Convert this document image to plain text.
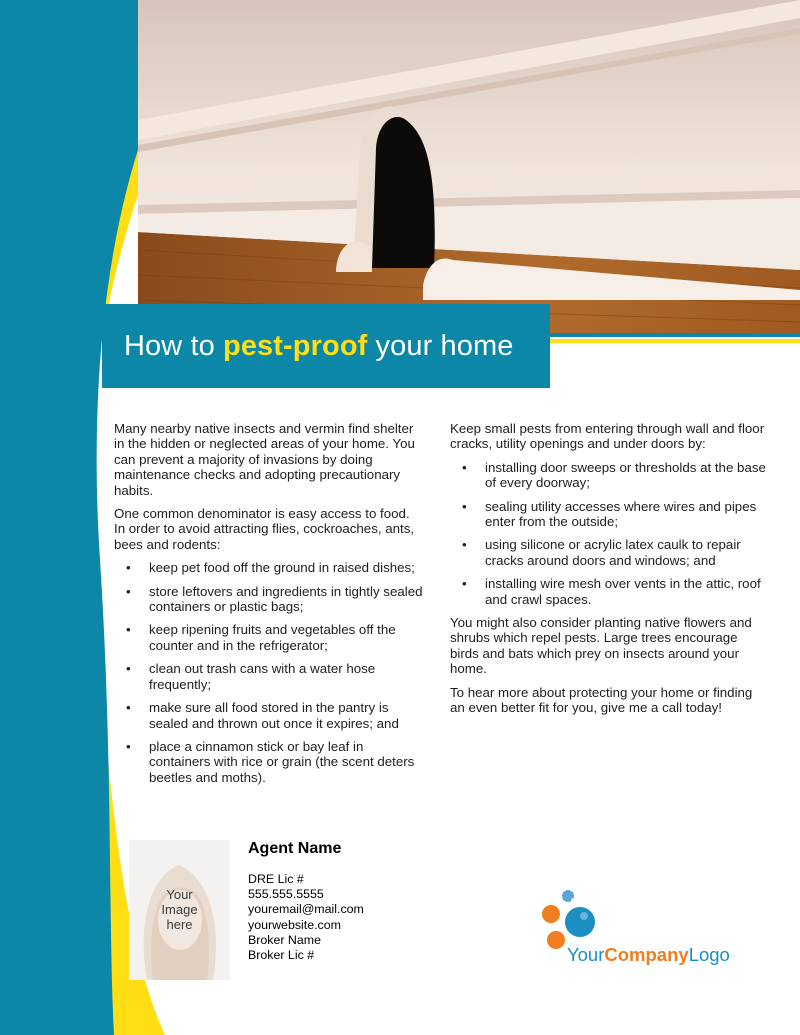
How to pest-proof your home

Many nearby native insects and vermin find shelter in the hidden or neglected areas of your home. You can prevent a majority of invasions by doing maintenance checks and adopting precautionary habits.

One common denominator is easy access to food. In order to avoid attracting flies, cockroaches, ants, bees and rodents:

• keep pet food off the ground in raised dishes;
• store leftovers and ingredients in tightly sealed containers or plastic bags;
• keep ripening fruits and vegetables off the counter and in the refrigerator;
• clean out trash cans with a water hose frequently;
• make sure all food stored in the pantry is sealed and thrown out once it expires; and
• place a cinnamon stick or bay leaf in containers with rice or grain (the scent deters beetles and moths).

Keep small pests from entering through wall and floor cracks, utility openings and under doors by:

• installing door sweeps or thresholds at the base of every doorway;
• sealing utility accesses where wires and pipes enter from the outside;
• using silicone or acrylic latex caulk to repair cracks around doors and windows; and
• installing wire mesh over vents in the attic, roof and crawl spaces.

You might also consider planting native flowers and shrubs which repel pests. Large trees encourage birds and bats which prey on insects around your home.

To hear more about protecting your home or finding an even better fit for you, give me a call today!

Your
Image
here
Agent Name
DRE Lic #
555.555.5555
youremail@mail.com
yourwebsite.com
Broker Name
Broker Lic #	YourCompanyLogo
